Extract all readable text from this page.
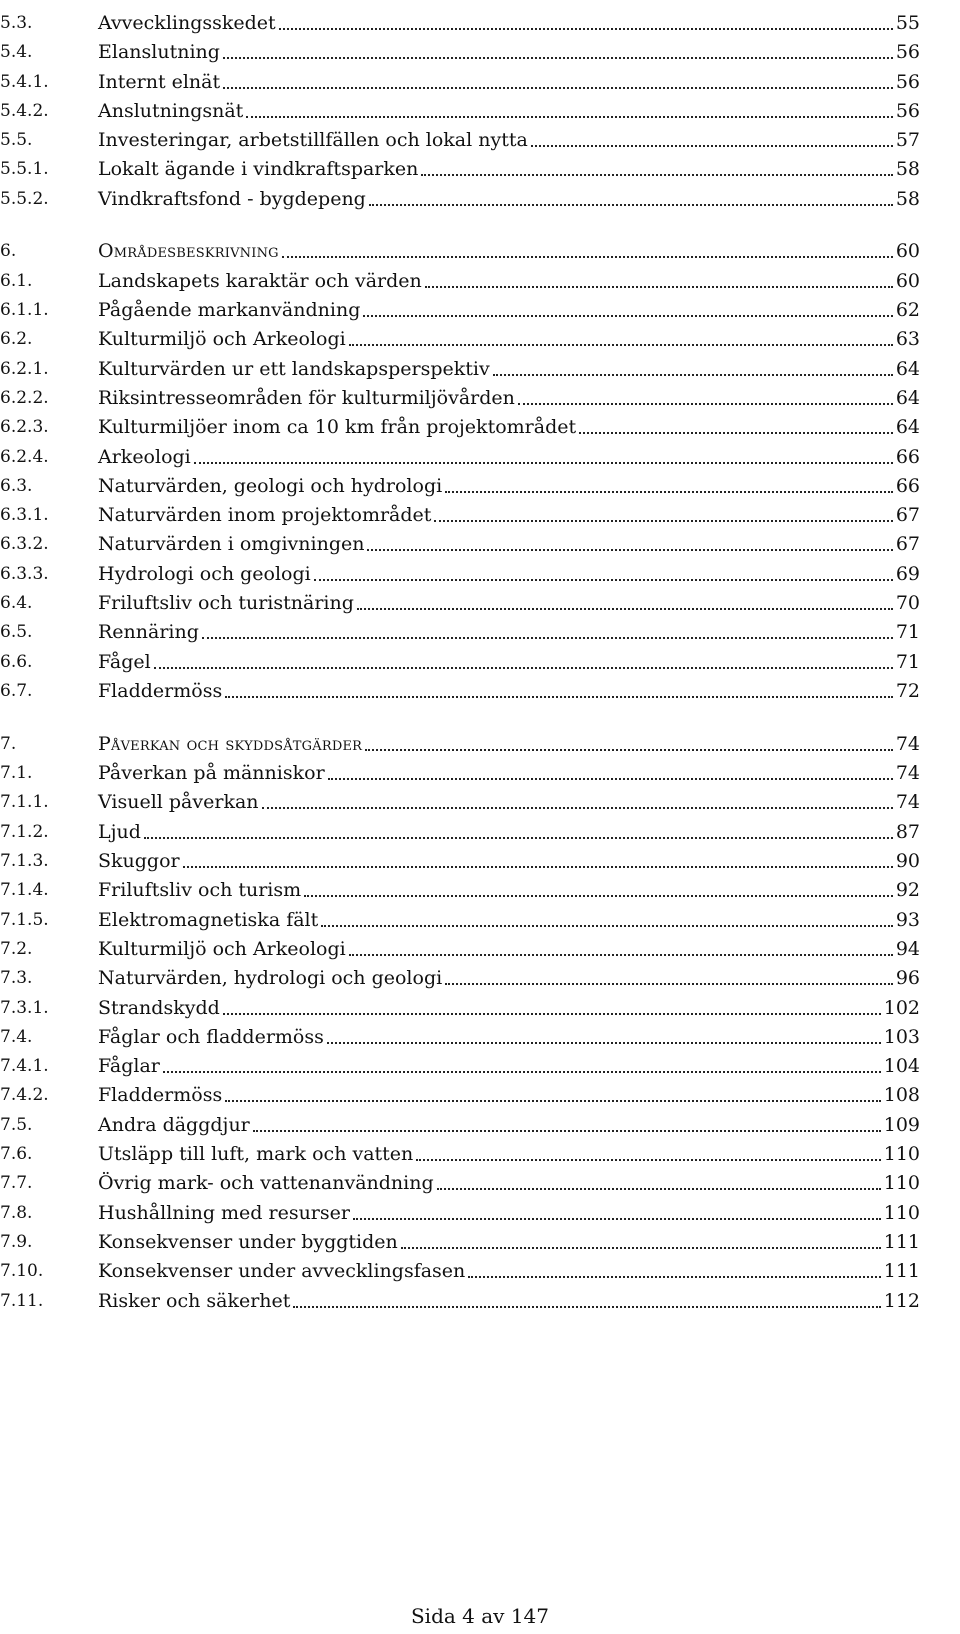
5.3.	Avvecklingsskedet	55
5.4.	Elanslutning	56
5.4.1.	Internt elnät	56
5.4.2.	Anslutningsnät	56
5.5.	Investeringar, arbetstillfällen och lokal nytta	57
5.5.1.	Lokalt ägande i vindkraftsparken	58
5.5.2.	Vindkraftsfond - bygdepeng	58
6.	Områdesbeskrivning	60
6.1.	Landskapets karaktär och värden	60
6.1.1.	Pågående markanvändning	62
6.2.	Kulturmiljö och Arkeologi	63
6.2.1.	Kulturvärden ur ett landskapsperspektiv	64
6.2.2.	Riksintresseområden för kulturmiljövården	64
6.2.3.	Kulturmiljöer inom ca 10 km från projektområdet	64
6.2.4.	Arkeologi	66
6.3.	Naturvärden, geologi och hydrologi	66
6.3.1.	Naturvärden inom projektområdet	67
6.3.2.	Naturvärden i omgivningen	67
6.3.3.	Hydrologi och geologi	69
6.4.	Friluftsliv och turistnäring	70
6.5.	Rennäring	71
6.6.	Fågel	71
6.7.	Fladdermöss	72
7.	Påverkan och skyddsåtgärder	74
7.1.	Påverkan på människor	74
7.1.1.	Visuell påverkan	74
7.1.2.	Ljud	87
7.1.3.	Skuggor	90
7.1.4.	Friluftsliv och turism	92
7.1.5.	Elektromagnetiska fält	93
7.2.	Kulturmiljö och Arkeologi	94
7.3.	Naturvärden, hydrologi och geologi	96
7.3.1.	Strandskydd	102
7.4.	Fåglar och fladdermöss	103
7.4.1.	Fåglar	104
7.4.2.	Fladdermöss	108
7.5.	Andra däggdjur	109
7.6.	Utsläpp till luft, mark och vatten	110
7.7.	Övrig mark- och vattenanvändning	110
7.8.	Hushållning med resurser	110
7.9.	Konsekvenser under byggtiden	111
7.10.	Konsekvenser under avvecklingsfasen	111
7.11.	Risker och säkerhet	112
Sida 4 av 147
